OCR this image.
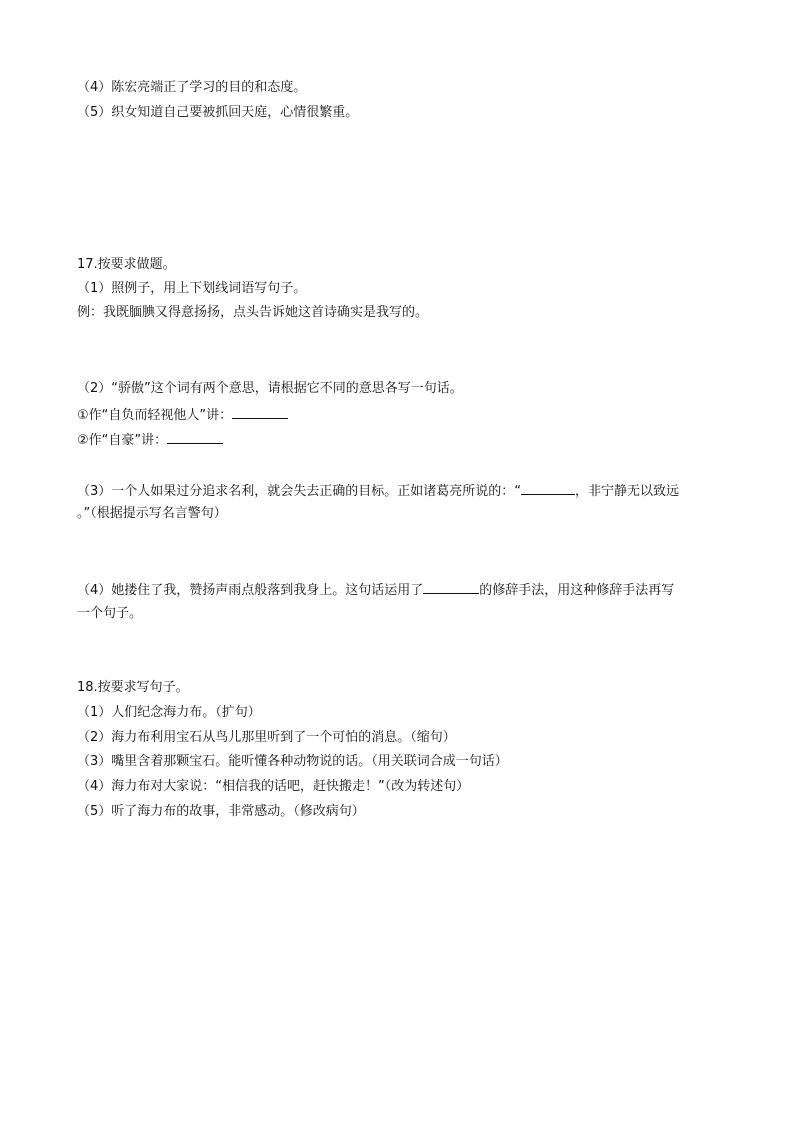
（4）陈宏亮端正了学习的目的和态度。
（5）织女知道自己要被抓回天庭，心情很繁重。
17.按要求做题。
（1）照例子，用上下划线词语写句子。
例：我既腼腆又得意扬扬，点头告诉她这首诗确实是我写的。
（2）“骄傲”这个词有两个意思，请根据它不同的意思各写一句话。
①作“自负而轻视他人”讲：
②作“自豪”讲：
（3）一个人如果过分追求名利，就会失去正确的目标。正如诸葛亮所说的：“	，非宁静无以致远
。”（根据提示写名言警句）
（4）她搂住了我，赞扬声雨点般落到我身上。这句话运用了	的修辞手法，用这种修辞手法再写
一个句子。
18.按要求写句子。
（1）人们纪念海力布。（扩句）
（2）海力布利用宝石从鸟儿那里听到了一个可怕的消息。（缩句）
（3）嘴里含着那颗宝石。能听懂各种动物说的话。（用关联词合成一句话）
（4）海力布对大家说：“相信我的话吧，赶快搬走！”（改为转述句）
（5）听了海力布的故事，非常感动。（修改病句）
